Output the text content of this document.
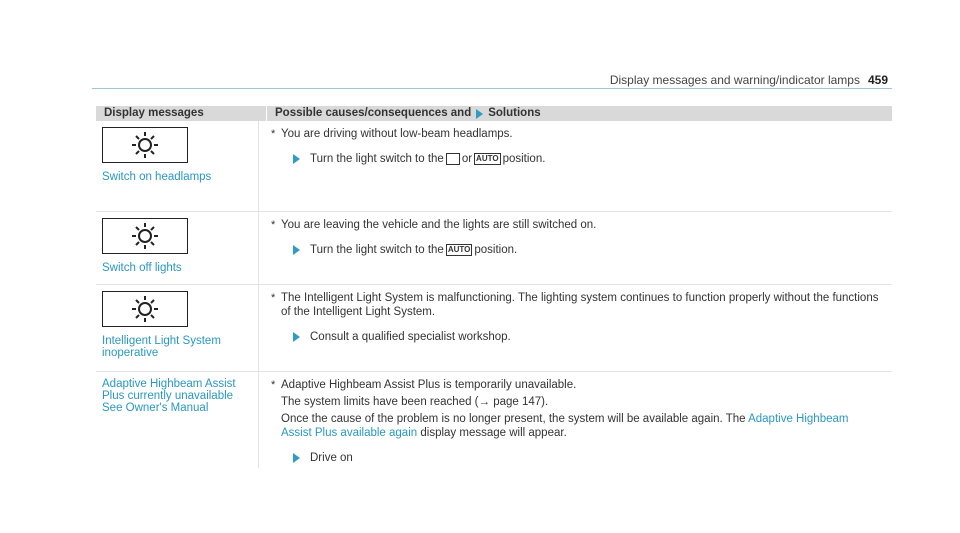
Display messages and warning/indicator lamps 459
Display messages	Possible causes/consequences and Solutions
Switch on headlamps
* You are driving without low-beam headlamps.
Turn the light switch to the or AUTO position.
Switch off lights
* You are leaving the vehicle and the lights are still switched on.
Turn the light switch to the AUTO position.
Intelligent Light System
inoperative
* The Intelligent Light System is malfunctioning. The lighting system continues to function properly without the functions
of the Intelligent Light System.
Consult a qualified specialist workshop.
Adaptive Highbeam Assist
Plus currently unavailable
See Owner's Manual
* Adaptive Highbeam Assist Plus is temporarily unavailable.
The system limits have been reached (→ page 147).
Once the cause of the problem is no longer present, the system will be available again. The Adaptive Highbeam
Assist Plus available again display message will appear.
Drive on
